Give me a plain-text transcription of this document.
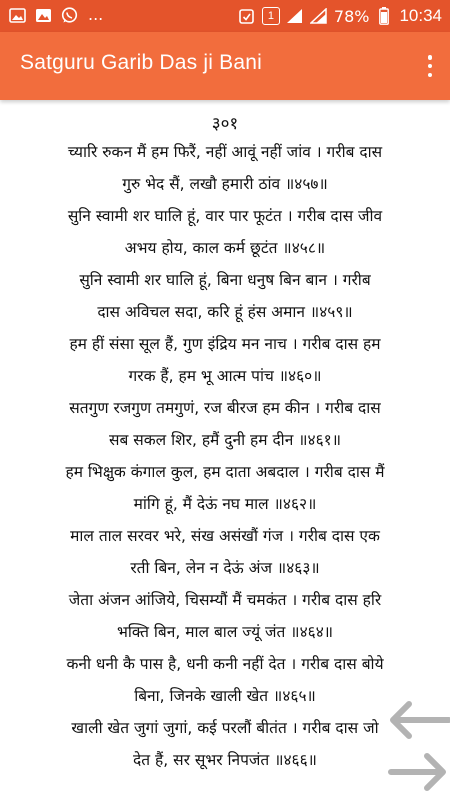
...	1	78% 10:34
Satguru Garib Das ji Bani
३०१
च्यारि रुकन मैं हम फिरैं, नहीं आवूं नहीं जांव । गरीब दास
गुरु भेद सैं, लखौ हमारी ठांव ॥४५७॥
सुनि स्वामी शर घालि हूं, वार पार फूटंत । गरीब दास जीव
अभय होय, काल कर्म छूटंत ॥४५८॥
सुनि स्वामी शर घालि हूं, बिना धनुष बिन बान । गरीब
दास अविचल सदा, करि हूं हंस अमान ॥४५९॥
हम हीं संसा सूल हैं, गुण इंद्रिय मन नाच । गरीब दास हम
गरक हैं, हम भू आत्म पांच ॥४६०॥
सतगुण रजगुण तमगुणं, रज बीरज हम कीन । गरीब दास
सब सकल शिर, हमैं दुनी हम दीन ॥४६१॥
हम भिक्षुक कंगाल कुल, हम दाता अबदाल । गरीब दास मैं
मांगि हूं, मैं देऊं नघ माल ॥४६२॥
माल ताल सरवर भरे, संख असंखौं गंज । गरीब दास एक
रती बिन, लेन न देऊं अंज ॥४६३॥
जेता अंजन आंजिये, चिसम्यौं मैं चमकंत । गरीब दास हरि
भक्ति बिन, माल बाल ज्यूं जंत ॥४६४॥
कनी धनी कै पास है, धनी कनी नहीं देत । गरीब दास बोये
बिना, जिनके खाली खेत ॥४६५॥
खाली खेत जुगां जुगां, कई परलौं बीतंत । गरीब दास जो
देत हैं, सर सूभर निपजंत ॥४६६॥
